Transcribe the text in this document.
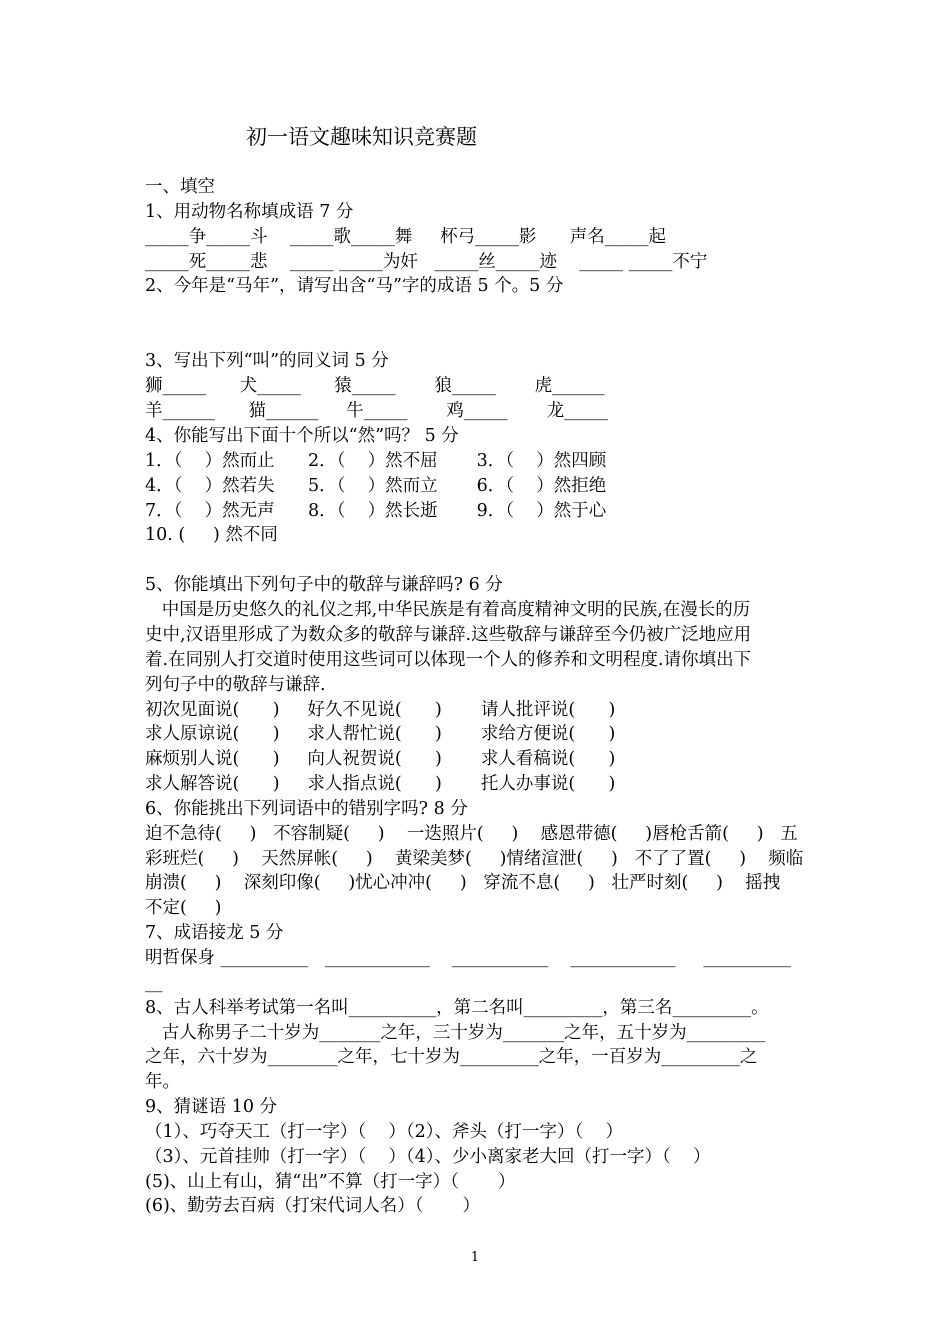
初一语文趣味知识竞赛题
一、填空
1、用动物名称填成语 7 分
_____争_____斗    _____歌_____舞     杯弓_____影      声名_____起
_____死_____悲    _____ _____为奸   _____丝_____迹    _____ _____不宁
2、今年是“马年”，请写出含“马”字的成语 5 个。5 分
3、写出下列“叫”的同义词 5 分
狮_____      犬_____      猿_____       狼_____       虎______
羊______      猫______     牛_____       鸡_____       龙_____
4、你能写出下面十个所以“然”吗？ 5 分
1．（    ）然而止      2．（    ）然不屈       3．（    ）然四顾
4．（    ）然若失      5．（    ）然而立       6．（    ）然拒绝
7．（    ）然无声      8．（    ）然长逝       9．（    ）然于心
10. (     ) 然不同
5、你能填出下列句子中的敬辞与谦辞吗? 6 分
中国是历史悠久的礼仪之邦,中华民族是有着高度精神文明的民族,在漫长的历
史中,汉语里形成了为数众多的敬辞与谦辞.这些敬辞与谦辞至今仍被广泛地应用
着.在同别人打交道时使用这些词可以体现一个人的修养和文明程度.请你填出下
列句子中的敬辞与谦辞.
初次见面说(      )     好久不见说(      )       请人批评说(      )
求人原谅说(      )     求人帮忙说(      )       求给方便说(      )
麻烦别人说(      )     向人祝贺说(      )       求人看稿说(      )
求人解答说(      )     求人指点说(      )       托人办事说(      )
6、你能挑出下列词语中的错别字吗? 8 分
迫不急待(     )   不容制疑(     )    一迭照片(     )    感恩带德(     )唇枪舌箭(     )   五
彩班烂(     )    天然屏帐(     )    黄梁美梦(     )情绪渲泄(     )   不了了置(     )    频临
崩溃(     )    深刻印像(     )忧心冲冲(     )   穿流不息(     )   壮严时刻(     )    摇拽
不定(     )
7、成语接龙 5 分
明哲保身 __________   ____________    ___________    ____________     __________
__
8、古人科举考试第一名叫__________，第二名叫_________，第三名_________。
古人称男子二十岁为_______之年，三十岁为_______之年，五十岁为_________
之年，六十岁为________之年，七十岁为_________之年，一百岁为_________之
年。
9、猜谜语 10 分
（1）、巧夺天工（打一字）（    ）（2）、斧头（打一字）（    ）
（3）、元首挂帅（打一字）（    ）（4）、少小离家老大回（打一字）（    ）
(5)、山上有山，猜“出”不算（打一字）（       ）
(6)、勤劳去百病（打宋代词人名）（       ）
1
